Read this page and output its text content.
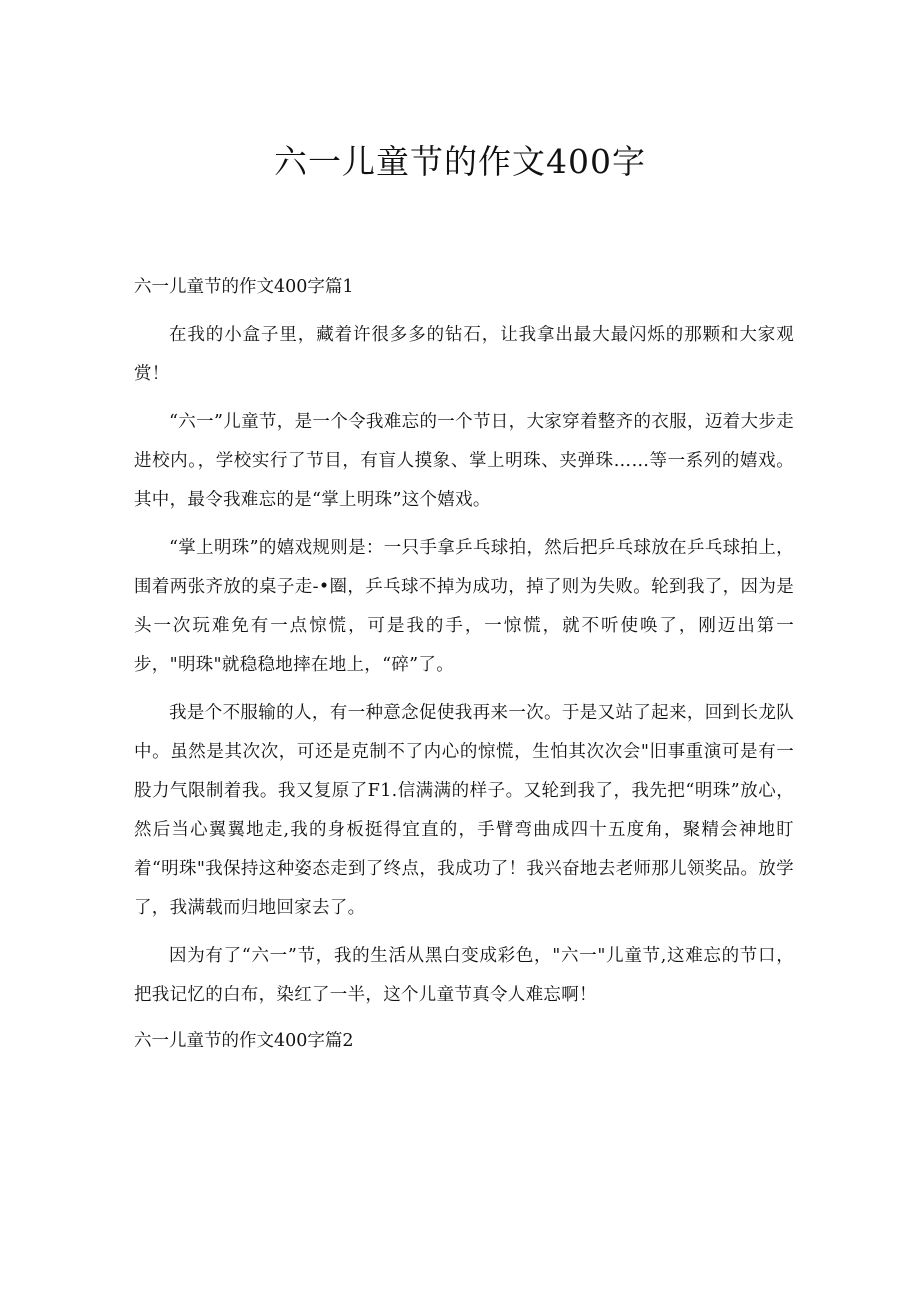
六一儿童节的作文400字
六一儿童节的作文400字篇1

在我的小盒子里，藏着许很多多的钻石，让我拿出最大最闪烁的那颗和大家观赏！

“六一”儿童节，是一个令我难忘的一个节日，大家穿着整齐的衣服，迈着大步走进校内。，学校实行了节目，有盲人摸象、掌上明珠、夹弹珠……等一系列的嬉戏。其中，最令我难忘的是“掌上明珠”这个嬉戏。

“掌上明珠”的嬉戏规则是：一只手拿乒乓球拍，然后把乒乓球放在乒乓球拍上，围着两张齐放的桌子走-•圈，乒乓球不掉为成功，掉了则为失败。轮到我了，因为是头一次玩难免有一点惊慌，可是我的手，一惊慌，就不听使唤了，刚迈出第一步，"明珠"就稳稳地摔在地上，“碎”了。

我是个不服输的人，有一种意念促使我再来一次。于是又站了起来，回到长龙队中。虽然是其次次，可还是克制不了内心的惊慌，生怕其次次会"旧事重演可是有一股力气限制着我。我又复原了F1.信满满的样子。又轮到我了，我先把“明珠”放心，然后当心翼翼地走,我的身板挺得宜直的，手臂弯曲成四十五度角，聚精会神地盯着“明珠"我保持这种姿态走到了终点，我成功了！我兴奋地去老师那儿领奖品。放学了，我满载而归地回家去了。

因为有了“六一”节，我的生活从黑白变成彩色，"六一"儿童节,这难忘的节口，把我记忆的白布，染红了一半，这个儿童节真令人难忘啊！

六一儿童节的作文400字篇2
